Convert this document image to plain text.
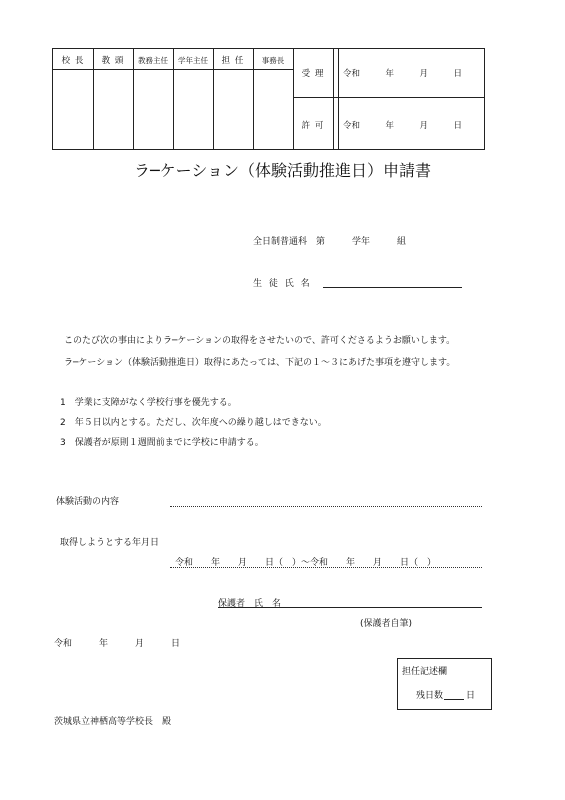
校 長	教 頭	教務主任	学年主任	担 任	事務長
受 理	令和　　　年　　　月　　　日
許 可	令和　　　年　　　月　　　日
ラ─ケーション（体験活動推進日）申請書
全日制普通科　第　　　学年　　　組
生 徒 氏 名
このたび次の事由によりラ─ケーションの取得をさせたいので、許可くださるようお願いします。
ラ─ケーション（体験活動推進日）取得にあたっては、下記の１～３にあげた事項を遵守します。
1　学業に支障がなく学校行事を優先する。
2　年５日以内とする。ただし、次年度への繰り越しはできない。
3　保護者が原則１週間前までに学校に申請する。
体験活動の内容
取得しようとする年月日
令和　　年　　月　　日（　）～令和　　年　　月　　日（　）
保護者　氏　名
(保護者自筆)
令和　　　年　　　月　　　日
担任記述欄
残日数	日
茨城県立神栖高等学校長　殿
